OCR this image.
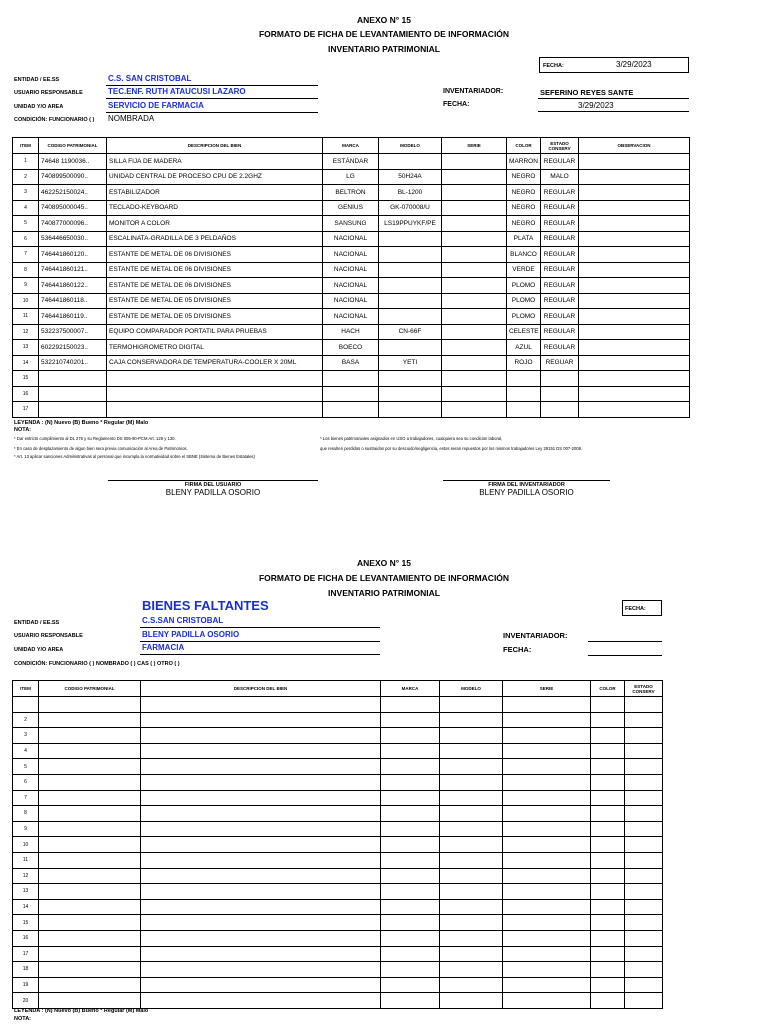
ANEXO N° 15
FORMATO DE FICHA DE LEVANTAMIENTO DE INFORMACIÓN
INVENTARIO PATRIMONIAL
FECHA:	3/29/2023
ENTIDAD / EE.SS	C.S. SAN CRISTOBAL
USUARIO RESPONSABLE	TEC.ENF. RUTH ATAUCUSI LAZARO
UNIDAD Y/O AREA	SERVICIO DE FARMACIA
CONDICIÓN: FUNCIONARIO ( ) NOMBRADA
INVENTARIADOR:	SEFERINO REYES SANTE
FECHA:	3/29/2023
ITEM	CODIGO PATRIMONIAL	DESCRIPCION DEL BIEN	MARCA	MODELO	SERIE	COLOR	ESTADO CONSERV	OBSERVACION
1	74648 1190036..	SILLA FIJA DE MADERA	ESTÁNDAR			MARRON	REGULAR	
2	740899500090..	UNIDAD CENTRAL DE PROCESO CPU DE 2.2GHZ	LG	50H24A		NEGRO	MALO	
3	462252150024..	ESTABILIZADOR	BELTRON	BL-1200		NEGRO	REGULAR	
4	740895000045..	TECLADO-KEYBOARD	GENIUS	GK-070008/U		NEGRO	REGULAR	
5	740877000096..	MONITOR A COLOR	SANSUNG	LS19PPUYKF/PE		NEGRO	REGULAR	
6	536446650030..	ESCALINATA-GRADILLA DE 3 PELDAÑOS	NACIONAL			PLATA	REGULAR	
7	746441860120..	ESTANTE DE METAL DE 06 DIVISIONES	NACIONAL			BLANCO	REGULAR	
8	746441860121..	ESTANTE DE METAL DE 06 DIVISIONES	NACIONAL			VERDE	REGULAR	
9	746441860122..	ESTANTE DE METAL DE 06 DIVISIONES	NACIONAL			PLOMO	REGULAR	
10	746441860118..	ESTANTE DE METAL DE 05 DIVISIONES	NACIONAL			PLOMO	REGULAR	
11	746441860119..	ESTANTE DE METAL DE 05 DIVISIONES	NACIONAL			PLOMO	REGULAR	
12	532237500007..	EQUIPO COMPARADOR PORTATIL PARA PRUEBAS	HACH	CN-66F		CELESTE	REGULAR	
13	602292150023..	TERMOHIGROMETRO DIGITAL	BOECO			AZUL	REGULAR	
14	532210740201..	CAJA CONSERVADORA DE TEMPERATURA-COOLER X 20ML	BASA	YETI		ROJO	REGUAR	
15								
16								
17								
LEYENDA : (N) Nuevo (B) Bueno * Regular (M) Malo
NOTA:
* Dar estricto cumplimiento al DL 276 y su Reglamento DS 005-90-PCM Art. 129 y 130.
* En caso de desplazamiento de algun bien sera previa comunicación al Area de Patrimonios.
* Art. 13 aplicar sanciones Administrativas al personal que incumpla la normatividad sobre el SBNE (Sistema de Bienes Estatales)
* Los bienes patrimoniales asignados en USO a trabajadores, cualquiera sea su condicion laboral,
que resulten perdidos o sustraidos por su descuido/negligencia, estos seran repuestos por los mismos trabajadores Ley 29151 DS 007-2008.
FIRMA DEL USUARIO
BLENY PADILLA OSORIO
FIRMA DEL INVENTARIADOR
BLENY PADILLA OSORIO
ANEXO N° 15
FORMATO DE FICHA DE LEVANTAMIENTO DE INFORMACIÓN
INVENTARIO PATRIMONIAL
BIENES FALTANTES	FECHA:
ENTIDAD / EE.SS	C.S.SAN CRISTOBAL
USUARIO RESPONSABLE	BLENY PADILLA OSORIO
UNIDAD Y/O AREA	FARMACIA
CONDICIÓN: FUNCIONARIO ( ) NOMBRADO ( ) CAS ( ) OTRO ( )
INVENTARIADOR:
FECHA:
ITEM	CODIGO PATRIMONIAL	DESCRIPCION DEL BIEN	MARCA	MODELO	SERIE	COLOR	ESTADO CONSERV

2							
3							
4							
5							
6							
7							
8							
9							
10							
11							
12							
13							
14							
15							
16							
17							
18							
19							
20							
LEYENDA : (N) Nuevo (B) Bueno * Regular (M) Malo
NOTA:
